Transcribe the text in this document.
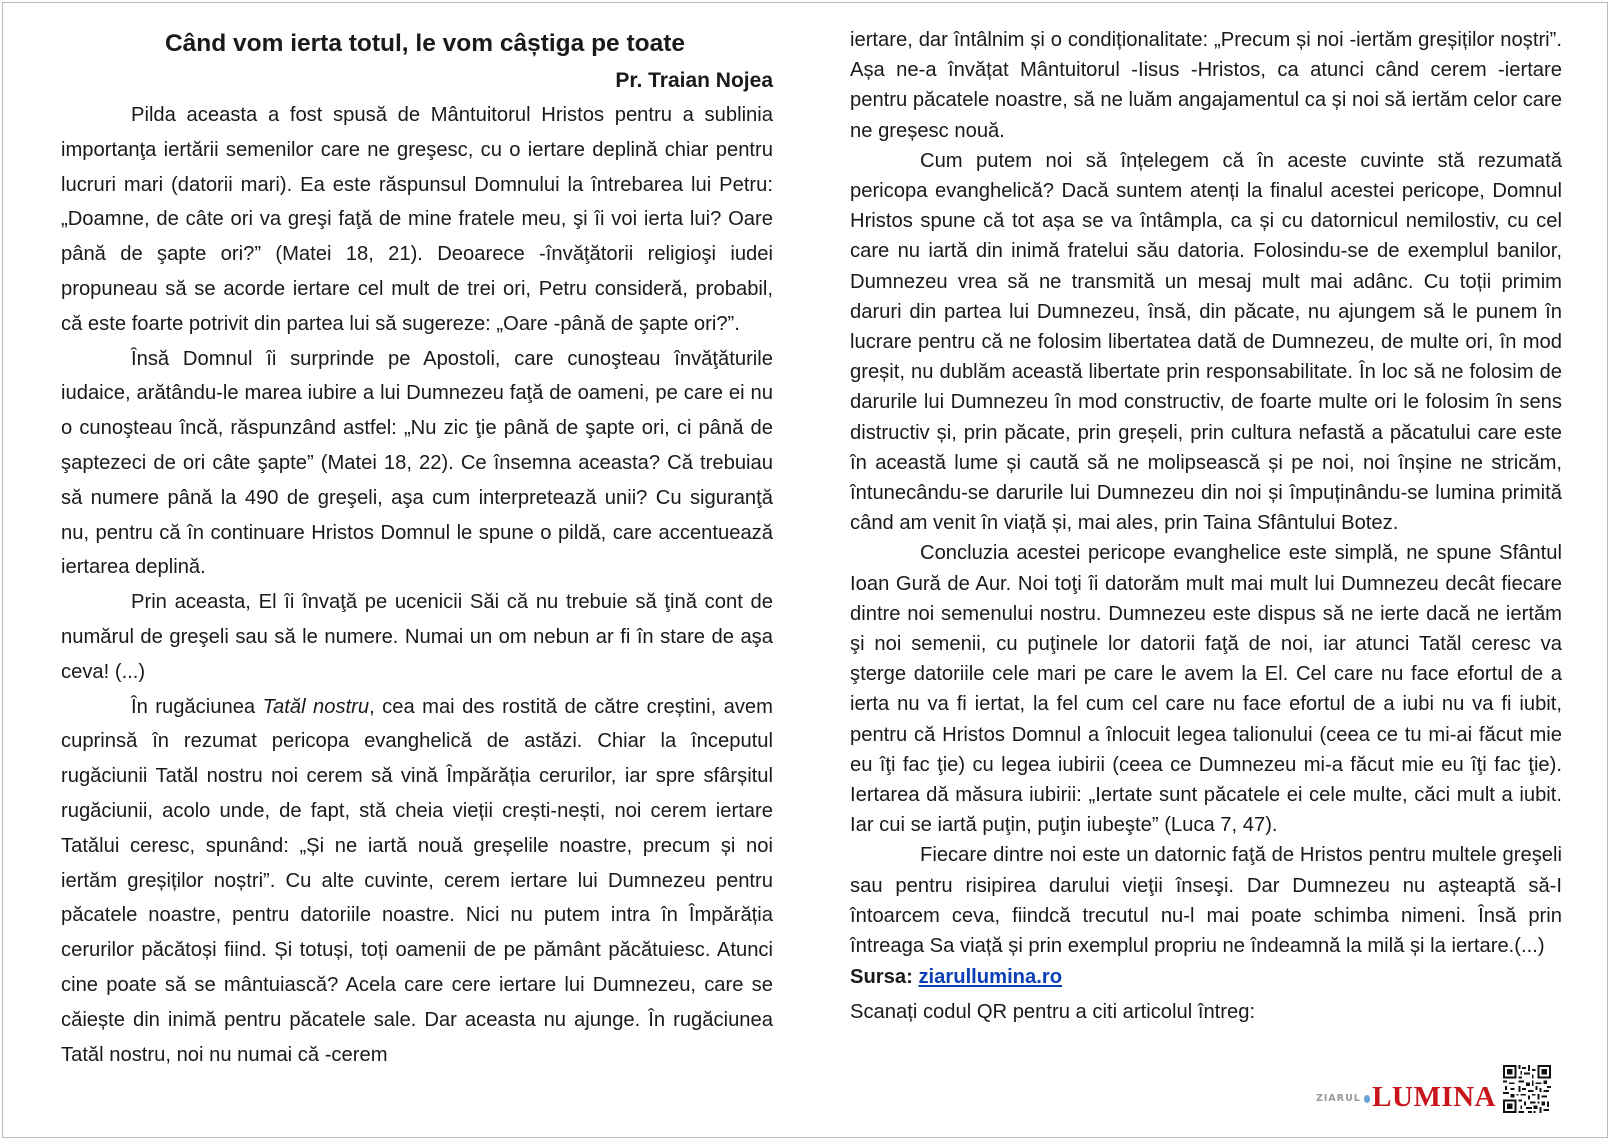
Când vom ierta totul, le vom câștiga pe toate
Pr. Traian Nojea

Pilda aceasta a fost spusă de Mântuitorul Hristos pentru a sublinia importanţa iertării semenilor care ne greşesc, cu o iertare deplină chiar pentru lucruri mari (datorii mari). Ea este răspunsul Domnului la întrebarea lui Petru: „Doamne, de câte ori va greşi faţă de mine fratele meu, şi îi voi ierta lui? Oare până de şapte ori?” (Matei 18, 21). Deoarece -învăţătorii religioşi iudei propuneau să se acorde iertare cel mult de trei ori, Petru consideră, probabil, că este foarte potrivit din partea lui să sugereze: „Oare -până de şapte ori?”.

Însă Domnul îi surprinde pe Apostoli, care cunoşteau învăţăturile iudaice, arătându-le marea iubire a lui Dumnezeu faţă de oameni, pe care ei nu o cunoşteau încă, răspunzând astfel: „Nu zic ţie până de şapte ori, ci până de şaptezeci de ori câte şapte” (Matei 18, 22). Ce însemna aceasta? Că trebuiau să numere până la 490 de greşeli, aşa cum interpretează unii? Cu siguranţă nu, pentru că în continuare Hristos Domnul le spune o pildă, care accentuează iertarea deplină.

Prin aceasta, El îi învaţă pe ucenicii Săi că nu trebuie să ţină cont de numărul de greşeli sau să le numere. Numai un om nebun ar fi în stare de aşa ceva! (...)

În rugăciunea Tatăl nostru, cea mai des rostită de către creștini, avem cuprinsă în rezumat pericopa evanghelică de astăzi. Chiar la începutul rugăciunii Tatăl nostru noi cerem să vină Împărăția cerurilor, iar spre sfârșitul rugăciunii, acolo unde, de fapt, stă cheia vieții crești-nești, noi cerem iertare Tatălui ceresc, spunând: „Și ne iartă nouă greșelile noastre, precum și noi iertăm greșiților noștri”. Cu alte cuvinte, cerem iertare lui Dumnezeu pentru păcatele noastre, pentru datoriile noastre. Nici nu putem intra în Împărăția cerurilor păcătoși fiind. Și totuși, toți oamenii de pe pământ păcătuiesc. Atunci cine poate să se mântuiască? Acela care cere iertare lui Dumnezeu, care se căiește din inimă pentru păcatele sale. Dar aceasta nu ajunge. În rugăciunea Tatăl nostru, noi nu numai că -cerem

iertare, dar întâlnim și o condiționalitate: „Precum și noi -iertăm greșiților noștri”. Așa ne-a învățat Mântuitorul -Iisus -Hristos, ca atunci când cerem -iertare pentru păcatele noastre, să ne luăm angajamentul ca și noi să iertăm celor care ne greșesc nouă.

Cum putem noi să înțelegem că în aceste cuvinte stă rezumată pericopa evanghelică? Dacă suntem atenți la finalul acestei pericope, Domnul Hristos spune că tot așa se va întâmpla, ca și cu datornicul nemilostiv, cu cel care nu iartă din inimă fratelui său datoria. Folosindu-se de exemplul banilor, Dumnezeu vrea să ne transmită un mesaj mult mai adânc. Cu toții primim daruri din partea lui Dumnezeu, însă, din păcate, nu ajungem să le punem în lucrare pentru că ne folosim libertatea dată de Dumnezeu, de multe ori, în mod greșit, nu dublăm această libertate prin responsabilitate. În loc să ne folosim de darurile lui Dumnezeu în mod constructiv, de foarte multe ori le folosim în sens distructiv și, prin păcate, prin greșeli, prin cultura nefastă a păcatului care este în această lume și caută să ne molipsească și pe noi, noi înșine ne stricăm, întunecându-se darurile lui Dumnezeu din noi și împuținându-se lumina primită când am venit în viață și, mai ales, prin Taina Sfântului Botez.

Concluzia acestei pericope evanghelice este simplă, ne spune Sfântul Ioan Gură de Aur. Noi toţi îi datorăm mult mai mult lui Dumnezeu decât fiecare dintre noi semenului nostru. Dumnezeu este dispus să ne ierte dacă ne iertăm şi noi semenii, cu puţinele lor datorii faţă de noi, iar atunci Tatăl ceresc va şterge datoriile cele mari pe care le avem la El. Cel care nu face efortul de a ierta nu va fi iertat, la fel cum cel care nu face efortul de a iubi nu va fi iubit, pentru că Hristos Domnul a înlocuit legea talionului (ceea ce tu mi-ai făcut mie eu îţi fac ţie) cu legea iubirii (ceea ce Dumnezeu mi-a făcut mie eu îţi fac ţie). Iertarea dă măsura iubirii: „Iertate sunt păcatele ei cele multe, căci mult a iubit. Iar cui se iartă puţin, puţin iubeşte” (Luca 7, 47).

Fiecare dintre noi este un datornic faţă de Hristos pentru multele greşeli sau pentru risipirea darului vieţii înseşi. Dar Dumnezeu nu așteaptă să-I întoarcem ceva, fiindcă trecutul nu-l mai poate schimba nimeni. Însă prin întreaga Sa viață și prin exemplul propriu ne îndeamnă la milă și la iertare.(...)

Sursa: ziarullumina.ro
Scanați codul QR pentru a citi articolul întreg:
ZIARUL LUMINA
